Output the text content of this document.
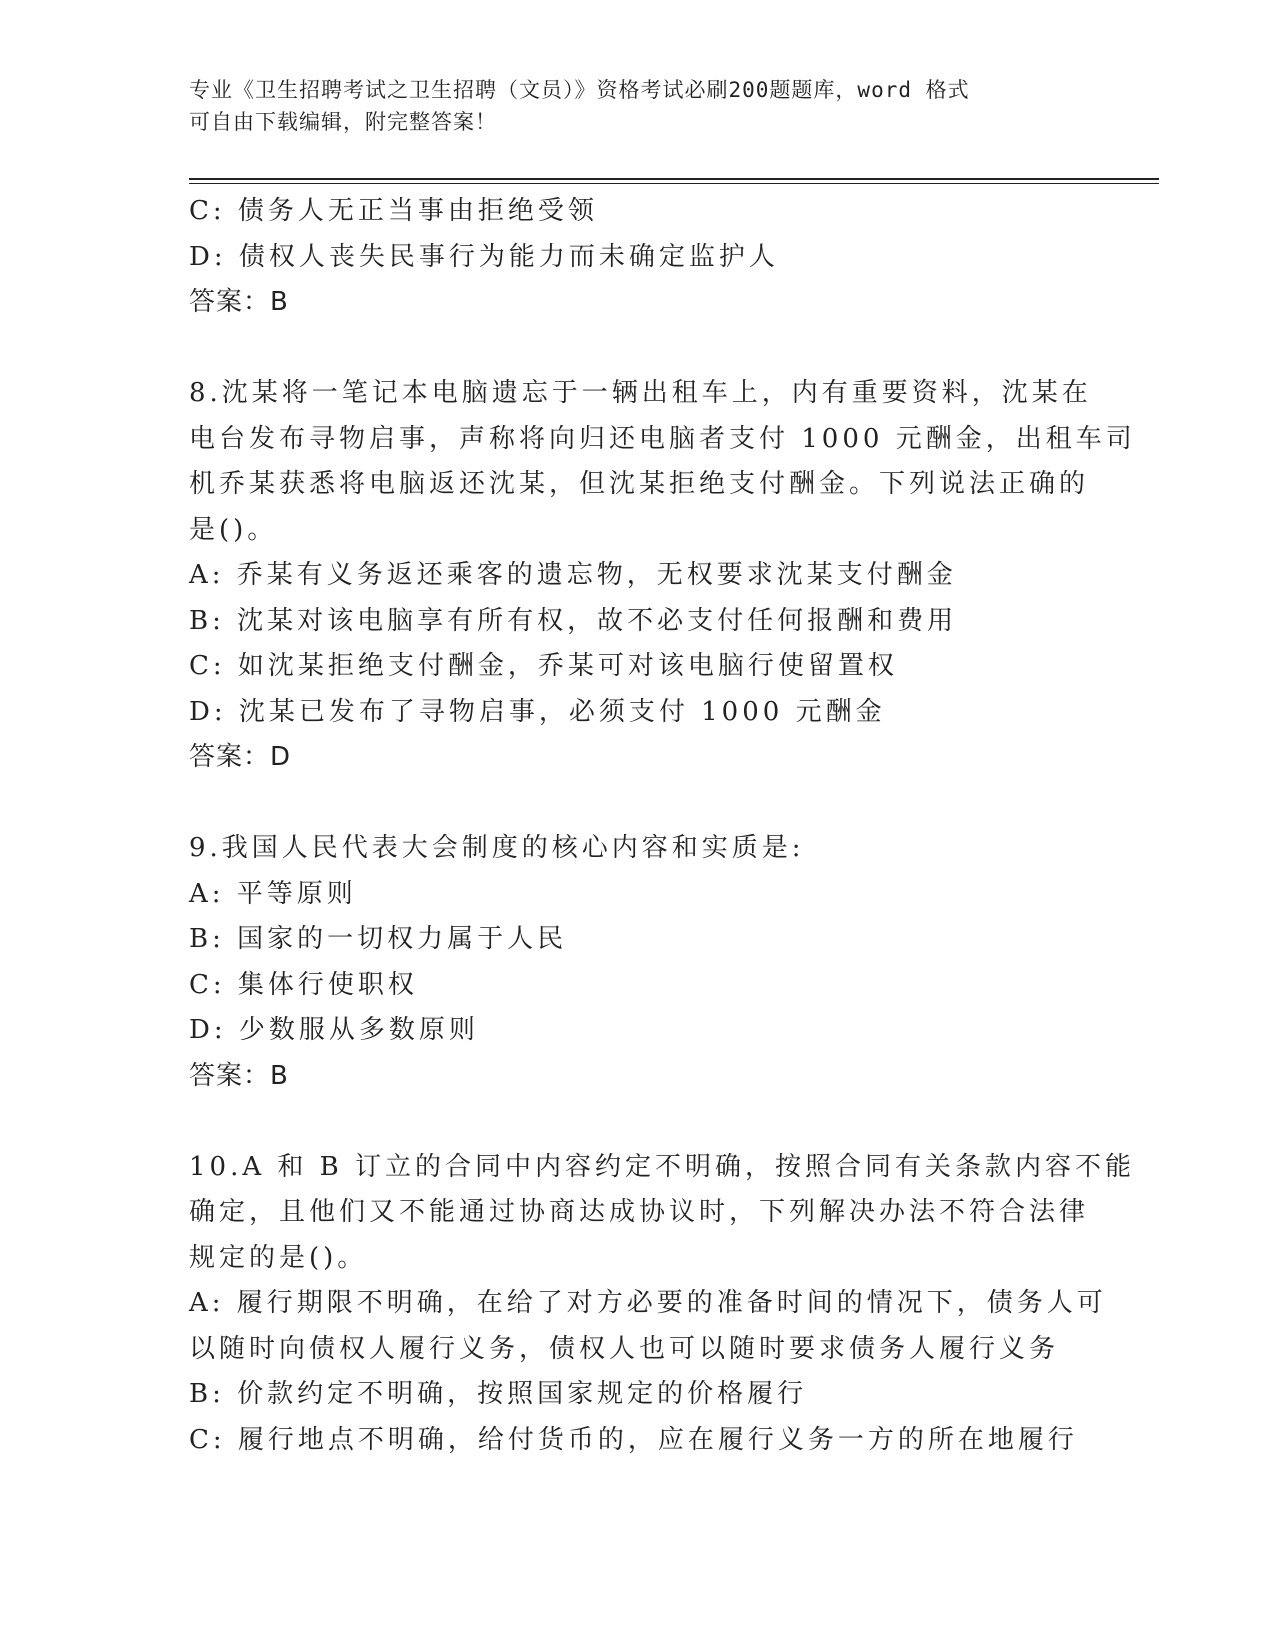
专业《卫生招聘考试之卫生招聘（文员）》资格考试必刷200题题库，word 格式
可自由下载编辑，附完整答案！
C: 债务人无正当事由拒绝受领
D: 债权人丧失民事行为能力而未确定监护人
答案：B
8.沈某将一笔记本电脑遗忘于一辆出租车上，内有重要资料，沈某在
电台发布寻物启事，声称将向归还电脑者支付 1000 元酬金，出租车司
机乔某获悉将电脑返还沈某，但沈某拒绝支付酬金。下列说法正确的
是()。
A: 乔某有义务返还乘客的遗忘物，无权要求沈某支付酬金
B: 沈某对该电脑享有所有权，故不必支付任何报酬和费用
C: 如沈某拒绝支付酬金，乔某可对该电脑行使留置权
D: 沈某已发布了寻物启事，必须支付 1000 元酬金
答案：D
9.我国人民代表大会制度的核心内容和实质是:
A: 平等原则
B: 国家的一切权力属于人民
C: 集体行使职权
D: 少数服从多数原则
答案：B
10.A 和 B 订立的合同中内容约定不明确，按照合同有关条款内容不能
确定，且他们又不能通过协商达成协议时，下列解决办法不符合法律
规定的是()。
A: 履行期限不明确，在给了对方必要的准备时间的情况下，债务人可
以随时向债权人履行义务，债权人也可以随时要求债务人履行义务
B: 价款约定不明确，按照国家规定的价格履行
C: 履行地点不明确，给付货币的，应在履行义务一方的所在地履行
